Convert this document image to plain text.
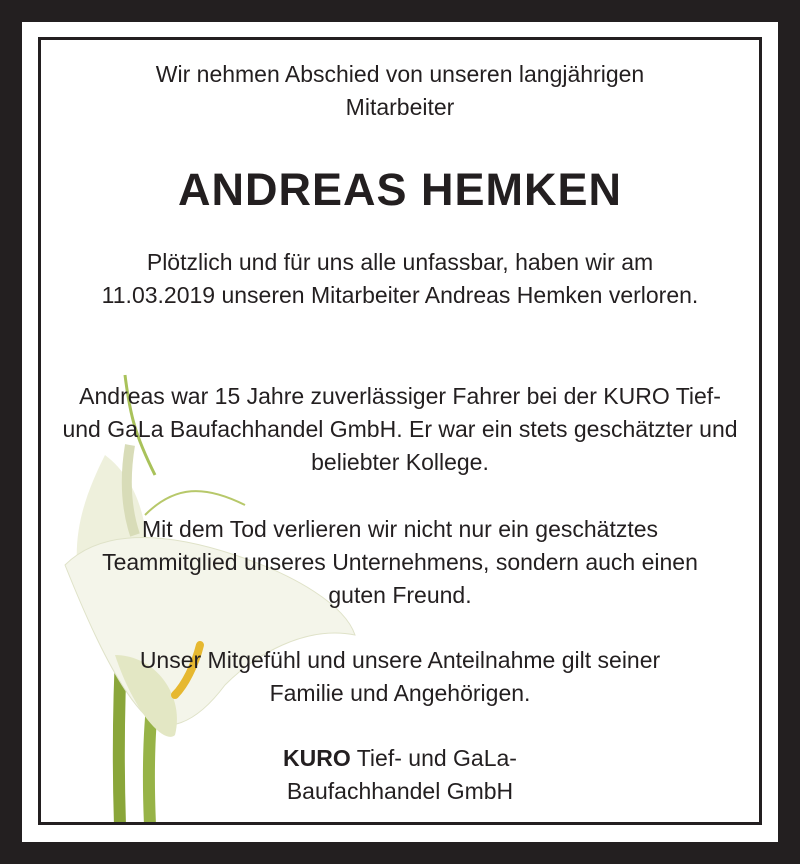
Wir nehmen Abschied von unseren langjährigen Mitarbeiter

ANDREAS HEMKEN

Plötzlich und für uns alle unfassbar, haben wir am 11.03.2019 unseren Mitarbeiter Andreas Hemken verloren.

Andreas war 15 Jahre zuverlässiger Fahrer bei der KURO Tief- und GaLa Baufachhandel GmbH. Er war ein stets geschätzter und beliebter Kollege.

Mit dem Tod verlieren wir nicht nur ein geschätztes Teammitglied unseres Unternehmens, sondern auch einen guten Freund.

Unser Mitgefühl und unsere Anteilnahme gilt seiner Familie und Angehörigen.

KURO Tief- und GaLa-Baufachhandel GmbH
